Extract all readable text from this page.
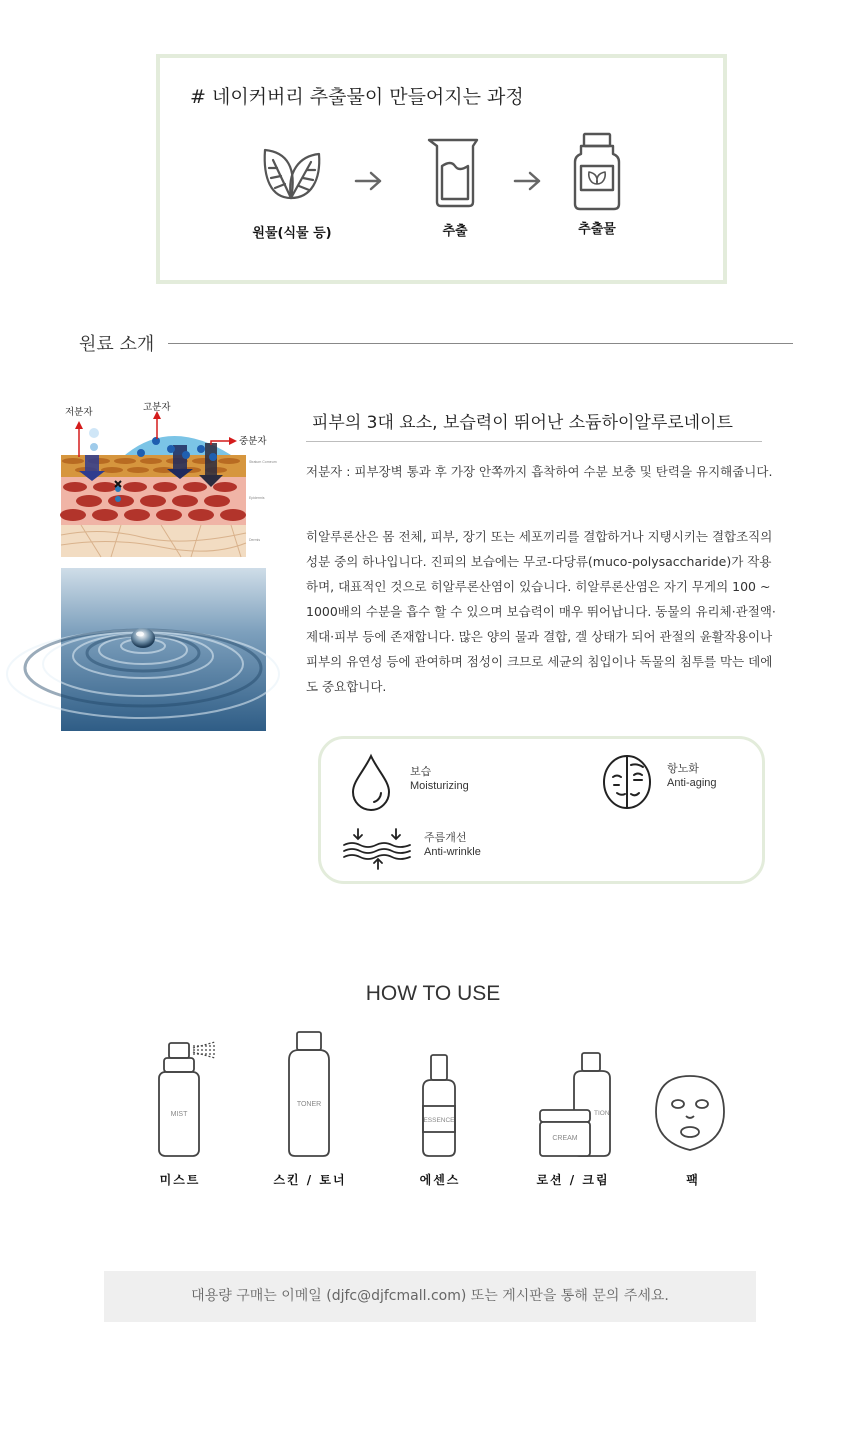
# 네이커버리 추출물이 만들어지는 과정
원물(식물 등)	추출	추출물
원료 소개
Stratum Corneum
Epidermis
Dermis
저분자	고분자
중분자
피부의 3대 요소, 보습력이 뛰어난 소듐하이알루로네이트

저분자 : 피부장벽 통과 후 가장 안쪽까지 흡착하여 수분 보충 및 탄력을 유지해줍니다.

히알루론산은 몸 전체, 피부, 장기 또는 세포끼리를 결합하거나 지탱시키는 결합조직의 성분 중의 하나입니다. 진피의 보습에는 무코-다당류(muco-polysaccharide)가 작용하며, 대표적인 것으로 히알루론산염이 있습니다. 히알루론산염은 자기 무게의 100 ~ 1000배의 수분을 흡수 할 수 있으며 보습력이 매우 뛰어납니다. 동물의 유리체·관절액·제대·피부 등에 존재합니다. 많은 양의 물과 결합, 겔 상태가 되어 관절의 윤활작용이나 피부의 유연성 등에 관여하며 점성이 크므로 세균의 침입이나 독물의 침투를 막는 데에도 중요합니다.

보습
Moisturizing
항노화
Anti-aging
주름개선
Anti-wrinkle
HOW TO USE
MIST
미스트
TONER
스킨 / 토너
ESSENCE
에센스
TION
CREAM
로션 / 크림	팩
대용량 구매는 이메일 (djfc@djfcmall.com) 또는 게시판을 통해 문의 주세요.
